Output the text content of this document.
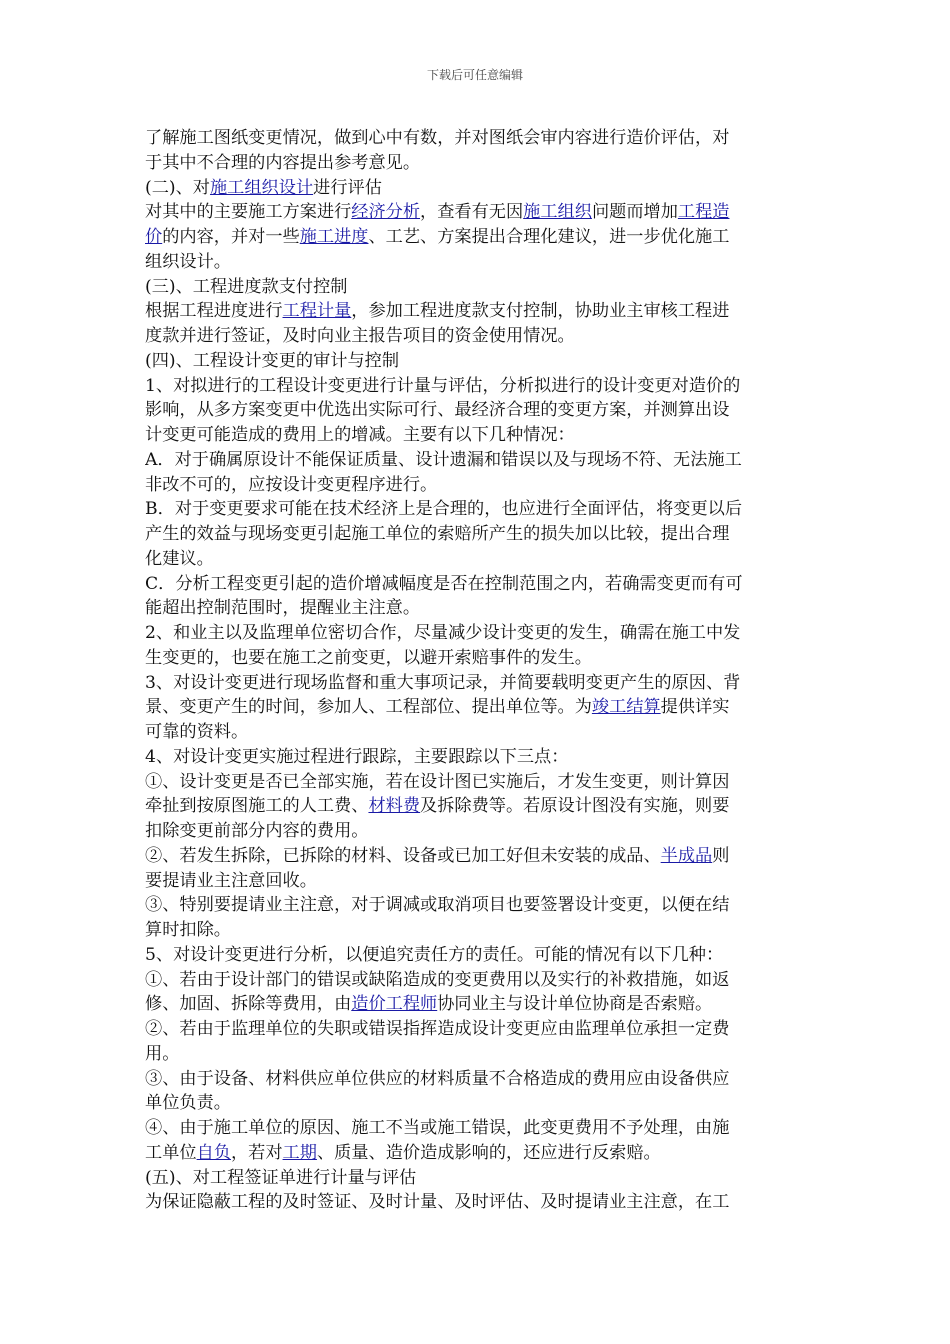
下载后可任意编辑
了解施工图纸变更情况，做到心中有数，并对图纸会审内容进行造价评估，对
于其中不合理的内容提出参考意见。
(二)、对施工组织设计进行评估
对其中的主要施工方案进行经济分析，查看有无因施工组织问题而增加工程造
价的内容，并对一些施工进度、工艺、方案提出合理化建议，进一步优化施工
组织设计。
(三)、工程进度款支付控制
根据工程进度进行工程计量，参加工程进度款支付控制，协助业主审核工程进
度款并进行签证，及时向业主报告项目的资金使用情况。
(四)、工程设计变更的审计与控制
1、对拟进行的工程设计变更进行计量与评估，分析拟进行的设计变更对造价的
影响，从多方案变更中优选出实际可行、最经济合理的变更方案，并测算出设
计变更可能造成的费用上的增减。主要有以下几种情况：
A．对于确属原设计不能保证质量、设计遗漏和错误以及与现场不符、无法施工
非改不可的，应按设计变更程序进行。
B．对于变更要求可能在技术经济上是合理的，也应进行全面评估，将变更以后
产生的效益与现场变更引起施工单位的索赔所产生的损失加以比较，提出合理
化建议。
C．分析工程变更引起的造价增减幅度是否在控制范围之内，若确需变更而有可
能超出控制范围时，提醒业主注意。
2、和业主以及监理单位密切合作，尽量减少设计变更的发生，确需在施工中发
生变更的，也要在施工之前变更，以避开索赔事件的发生。
3、对设计变更进行现场监督和重大事项记录，并简要载明变更产生的原因、背
景、变更产生的时间，参加人、工程部位、提出单位等。为竣工结算提供详实
可靠的资料。
4、对设计变更实施过程进行跟踪，主要跟踪以下三点：
①、设计变更是否已全部实施，若在设计图已实施后，才发生变更，则计算因
牵扯到按原图施工的人工费、材料费及拆除费等。若原设计图没有实施，则要
扣除变更前部分内容的费用。
②、若发生拆除，已拆除的材料、设备或已加工好但未安装的成品、半成品则
要提请业主注意回收。
③、特别要提请业主注意，对于调减或取消项目也要签署设计变更，以便在结
算时扣除。
5、对设计变更进行分析，以便追究责任方的责任。可能的情况有以下几种：
①、若由于设计部门的错误或缺陷造成的变更费用以及实行的补救措施，如返
修、加固、拆除等费用，由造价工程师协同业主与设计单位协商是否索赔。
②、若由于监理单位的失职或错误指挥造成设计变更应由监理单位承担一定费
用。
③、由于设备、材料供应单位供应的材料质量不合格造成的费用应由设备供应
单位负责。
④、由于施工单位的原因、施工不当或施工错误，此变更费用不予处理，由施
工单位自负，若对工期、质量、造价造成影响的，还应进行反索赔。
(五)、对工程签证单进行计量与评估
为保证隐蔽工程的及时签证、及时计量、及时评估、及时提请业主注意，在工
